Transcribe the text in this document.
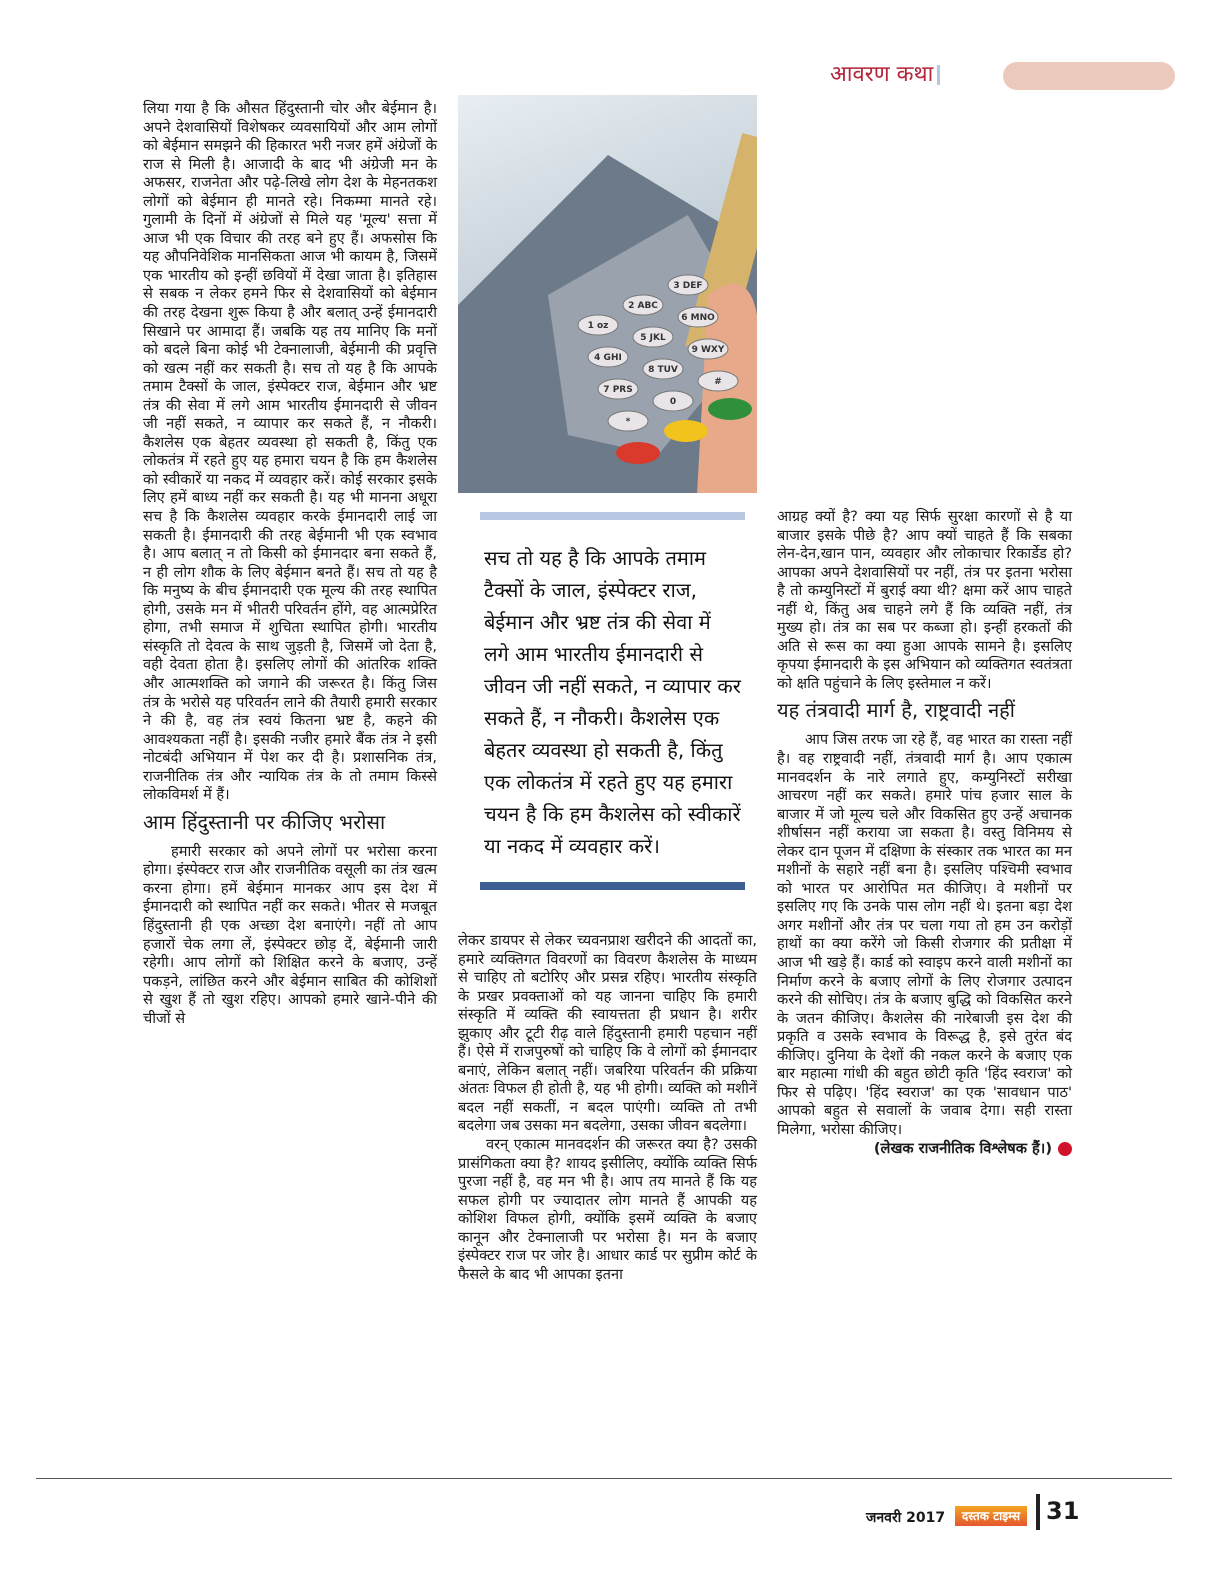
आवरण कथा

लिया गया है कि औसत हिंदुस्तानी चोर और बेईमान है। अपने देशवासियों विशेषकर व्यवसायियों और आम लोगों को बेईमान समझने की हिकारत भरी नजर हमें अंग्रेजों के राज से मिली है। आजादी के बाद भी अंग्रेजी मन के अफसर, राजनेता और पढ़े-लिखे लोग देश के मेहनतकश लोगों को बेईमान ही मानते रहे। निकम्मा मानते रहे। गुलामी के दिनों में अंग्रेजों से मिले यह 'मूल्य' सत्ता में आज भी एक विचार की तरह बने हुए हैं। अफसोस कि यह औपनिवेशिक मानसिकता आज भी कायम है, जिसमें एक भारतीय को इन्हीं छवियों में देखा जाता है। इतिहास से सबक न लेकर हमने फिर से देशवासियों को बेईमान की तरह देखना शुरू किया है और बलात् उन्हें ईमानदारी सिखाने पर आमादा हैं। जबकि यह तय मानिए कि मनों को बदले बिना कोई भी टेक्नालाजी, बेईमानी की प्रवृत्ति को खत्म नहीं कर सकती है। सच तो यह है कि आपके तमाम टैक्सों के जाल, इंस्पेक्टर राज, बेईमान और भ्रष्ट तंत्र की सेवा में लगे आम भारतीय ईमानदारी से जीवन जी नहीं सकते, न व्यापार कर सकते हैं, न नौकरी। कैशलेस एक बेहतर व्यवस्था हो सकती है, किंतु एक लोकतंत्र में रहते हुए यह हमारा चयन है कि हम कैशलेस को स्वीकारें या नकद में व्यवहार करें। कोई सरकार इसके लिए हमें बाध्य नहीं कर सकती है। यह भी मानना अधूरा सच है कि कैशलेस व्यवहार करके ईमानदारी लाई जा सकती है। ईमानदारी की तरह बेईमानी भी एक स्वभाव है। आप बलात् न तो किसी को ईमानदार बना सकते हैं, न ही लोग शौक के लिए बेईमान बनते हैं। सच तो यह है कि मनुष्य के बीच ईमानदारी एक मूल्य की तरह स्थापित होगी, उसके मन में भीतरी परिवर्तन होंगे, वह आत्मप्रेरित होगा, तभी समाज में शुचिता स्थापित होगी। भारतीय संस्कृति तो देवत्व के साथ जुड़ती है, जिसमें जो देता है, वही देवता होता है। इसलिए लोगों की आंतरिक शक्ति और आत्मशक्ति को जगाने की जरूरत है। किंतु जिस तंत्र के भरोसे यह परिवर्तन लाने की तैयारी हमारी सरकार ने की है, वह तंत्र स्वयं कितना भ्रष्ट है, कहने की आवश्यकता नहीं है। इसकी नजीर हमारे बैंक तंत्र ने इसी नोटबंदी अभियान में पेश कर दी है। प्रशासनिक तंत्र, राजनीतिक तंत्र और न्यायिक तंत्र के तो तमाम किस्से लोकविमर्श में हैं।

आम हिंदुस्तानी पर कीजिए भरोसा

हमारी सरकार को अपने लोगों पर भरोसा करना होगा। इंस्पेक्टर राज और राजनीतिक वसूली का तंत्र खत्म करना होगा। हमें बेईमान मानकर आप इस देश में ईमानदारी को स्थापित नहीं कर सकते। भीतर से मजबूत हिंदुस्तानी ही एक अच्छा देश बनाएंगे। नहीं तो आप हजारों चेक लगा लें, इंस्पेक्टर छोड़ दें, बेईमानी जारी रहेगी। आप लोगों को शिक्षित करने के बजाए, उन्हें पकड़ने, लांछित करने और बेईमान साबित की कोशिशों से खुश हैं तो खुश रहिए। आपको हमारे खाने-पीने की चीजों से

1 oz
2 ABC
3 DEF
4 GHI
5 JKL
6 MNO
7 PRS
8 TUV
9 WXY
*
0
#
सच तो यह है कि आपके तमाम टैक्सों के जाल, इंस्पेक्टर राज, बेईमान और भ्रष्ट तंत्र की सेवा में लगे आम भारतीय ईमानदारी से जीवन जी नहीं सकते, न व्यापार कर सकते हैं, न नौकरी। कैशलेस एक बेहतर व्यवस्था हो सकती है, किंतु एक लोकतंत्र में रहते हुए यह हमारा चयन है कि हम कैशलेस को स्वीकारें या नकद में व्यवहार करें।

लेकर डायपर से लेकर च्यवनप्राश खरीदने की आदतों का, हमारे व्यक्तिगत विवरणों का विवरण कैशलेस के माध्यम से चाहिए तो बटोरिए और प्रसन्न रहिए। भारतीय संस्कृति के प्रखर प्रवक्ताओं को यह जानना चाहिए कि हमारी संस्कृति में व्यक्ति की स्वायत्तता ही प्रधान है। शरीर झुकाए और टूटी रीढ़ वाले हिंदुस्तानी हमारी पहचान नहीं हैं। ऐसे में राजपुरुषों को चाहिए कि वे लोगों को ईमानदार बनाएं, लेकिन बलात् नहीं। जबरिया परिवर्तन की प्रक्रिया अंततः विफल ही होती है, यह भी होगी। व्यक्ति को मशीनें बदल नहीं सकतीं, न बदल पाएंगी। व्यक्ति तो तभी बदलेगा जब उसका मन बदलेगा, उसका जीवन बदलेगा।

वरन् एकात्म मानवदर्शन की जरूरत क्या है? उसकी प्रासंगिकता क्या है? शायद इसीलिए, क्योंकि व्यक्ति सिर्फ पुरजा नहीं है, वह मन भी है। आप तय मानते हैं कि यह सफल होगी पर ज्यादातर लोग मानते हैं आपकी यह कोशिश विफल होगी, क्योंकि इसमें व्यक्ति के बजाए कानून और टेक्नालाजी पर भरोसा है। मन के बजाए इंस्पेक्टर राज पर जोर है। आधार कार्ड पर सुप्रीम कोर्ट के फैसले के बाद भी आपका इतना

आग्रह क्यों है? क्या यह सिर्फ सुरक्षा कारणों से है या बाजार इसके पीछे है? आप क्यों चाहते हैं कि सबका लेन-देन,खान पान, व्यवहार और लोकाचार रिकार्डेड हो? आपका अपने देशवासियों पर नहीं, तंत्र पर इतना भरोसा है तो कम्युनिस्टों में बुराई क्या थी? क्षमा करें आप चाहते नहीं थे, किंतु अब चाहने लगे हैं कि व्यक्ति नहीं, तंत्र मुख्य हो। तंत्र का सब पर कब्जा हो। इन्हीं हरकतों की अति से रूस का क्या हुआ आपके सामने है। इसलिए कृपया ईमानदारी के इस अभियान को व्यक्तिगत स्वतंत्रता को क्षति पहुंचाने के लिए इस्तेमाल न करें।

यह तंत्रवादी मार्ग है, राष्ट्रवादी नहीं

आप जिस तरफ जा रहे हैं, वह भारत का रास्ता नहीं है। वह राष्ट्रवादी नहीं, तंत्रवादी मार्ग है। आप एकात्म मानवदर्शन के नारे लगाते हुए, कम्युनिस्टों सरीखा आचरण नहीं कर सकते। हमारे पांच हजार साल के बाजार में जो मूल्य चले और विकसित हुए उन्हें अचानक शीर्षासन नहीं कराया जा सकता है। वस्तु विनिमय से लेकर दान पूजन में दक्षिणा के संस्कार तक भारत का मन मशीनों के सहारे नहीं बना है। इसलिए पश्चिमी स्वभाव को भारत पर आरोपित मत कीजिए। वे मशीनों पर इसलिए गए कि उनके पास लोग नहीं थे। इतना बड़ा देश अगर मशीनों और तंत्र पर चला गया तो हम उन करोड़ों हाथों का क्या करेंगे जो किसी रोजगार की प्रतीक्षा में आज भी खड़े हैं। कार्ड को स्वाइप करने वाली मशीनों का निर्माण करने के बजाए लोगों के लिए रोजगार उत्पादन करने की सोचिए। तंत्र के बजाए बुद्धि को विकसित करने के जतन कीजिए। कैशलेस की नारेबाजी इस देश की प्रकृति व उसके स्वभाव के विरूद्ध है, इसे तुरंत बंद कीजिए। दुनिया के देशों की नकल करने के बजाए एक बार महात्मा गांधी की बहुत छोटी कृति 'हिंद स्वराज' को फिर से पढ़िए। 'हिंद स्वराज' का एक 'सावधान पाठ' आपको बहुत से सवालों के जवाब देगा। सही रास्ता मिलेगा, भरोसा कीजिए।

(लेखक राजनीतिक विश्लेषक हैं।)

जनवरी 2017	दस्तक टाइम्स 31
